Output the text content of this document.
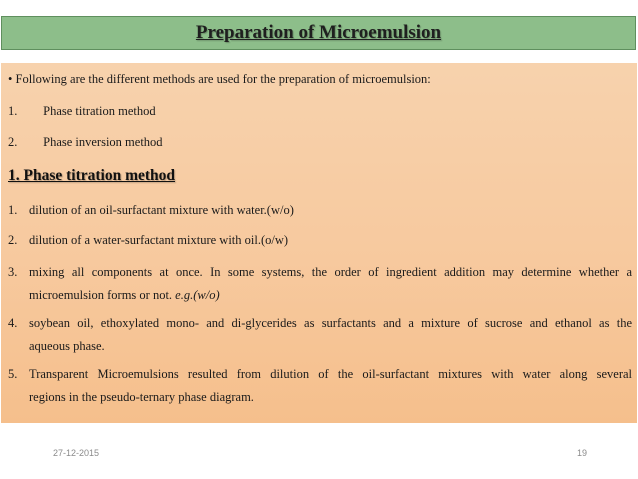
Preparation of Microemulsion
• Following are the different methods are used for the preparation of microemulsion:
1. Phase titration method
2. Phase inversion method
1. Phase titration method
1. dilution of an oil-surfactant mixture with water.(w/o)
2. dilution of a water-surfactant mixture with oil.(o/w)
3. mixing all components at once. In some systems, the order of ingredient addition may determine whether a
microemulsion forms or not. e.g.(w/o)
4. soybean oil, ethoxylated mono- and di-glycerides as surfactants and a mixture of sucrose and ethanol as the
aqueous phase.
5. Transparent Microemulsions resulted from dilution of the oil-surfactant mixtures with water along several
regions in the pseudo-ternary phase diagram.
27-12-2015	19
